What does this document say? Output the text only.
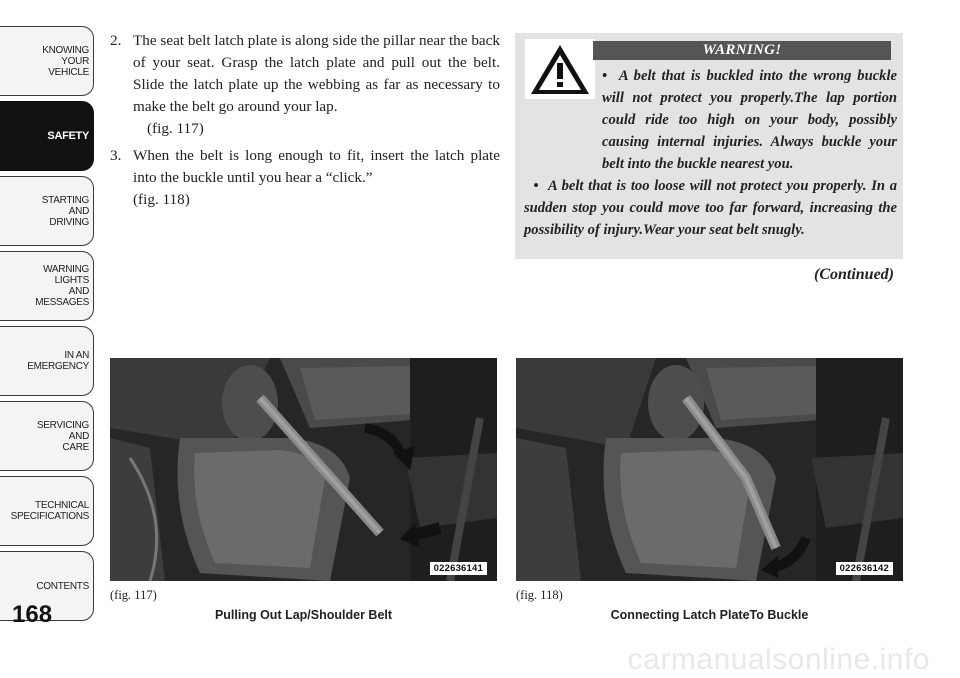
KNOWING
YOUR
VEHICLE
SAFETY
STARTING
AND
DRIVING
WARNING
LIGHTS
AND
MESSAGES
IN AN
EMERGENCY
SERVICING
AND
CARE
TECHNICAL
SPECIFICATIONS
CONTENTS
168
2. The seat belt latch plate is along side the pillar near the back of your seat. Grasp the latch plate and pull out the belt. Slide the latch plate up the webbing as far as necessary to make the belt go around your lap.
(fig. 117)
3. When the belt is long enough to fit, insert the latch plate into the buckle until you hear a “click.”
(fig. 118)
WARNING!

• A belt that is buckled into the wrong buckle will not protect you properly.The lap portion could ride too high on your body, possibly causing internal injuries. Always buckle your belt into the buckle nearest you.

• A belt that is too loose will not protect you properly. In a sudden stop you could move too far forward, increasing the possibility of injury.Wear your seat belt snugly.

(Continued)
0226361​41
(fig. 117)
Pulling Out Lap/Shoulder Belt
022636142
(fig. 118)
Connecting Latch PlateTo Buckle
carmanualsonline.info
